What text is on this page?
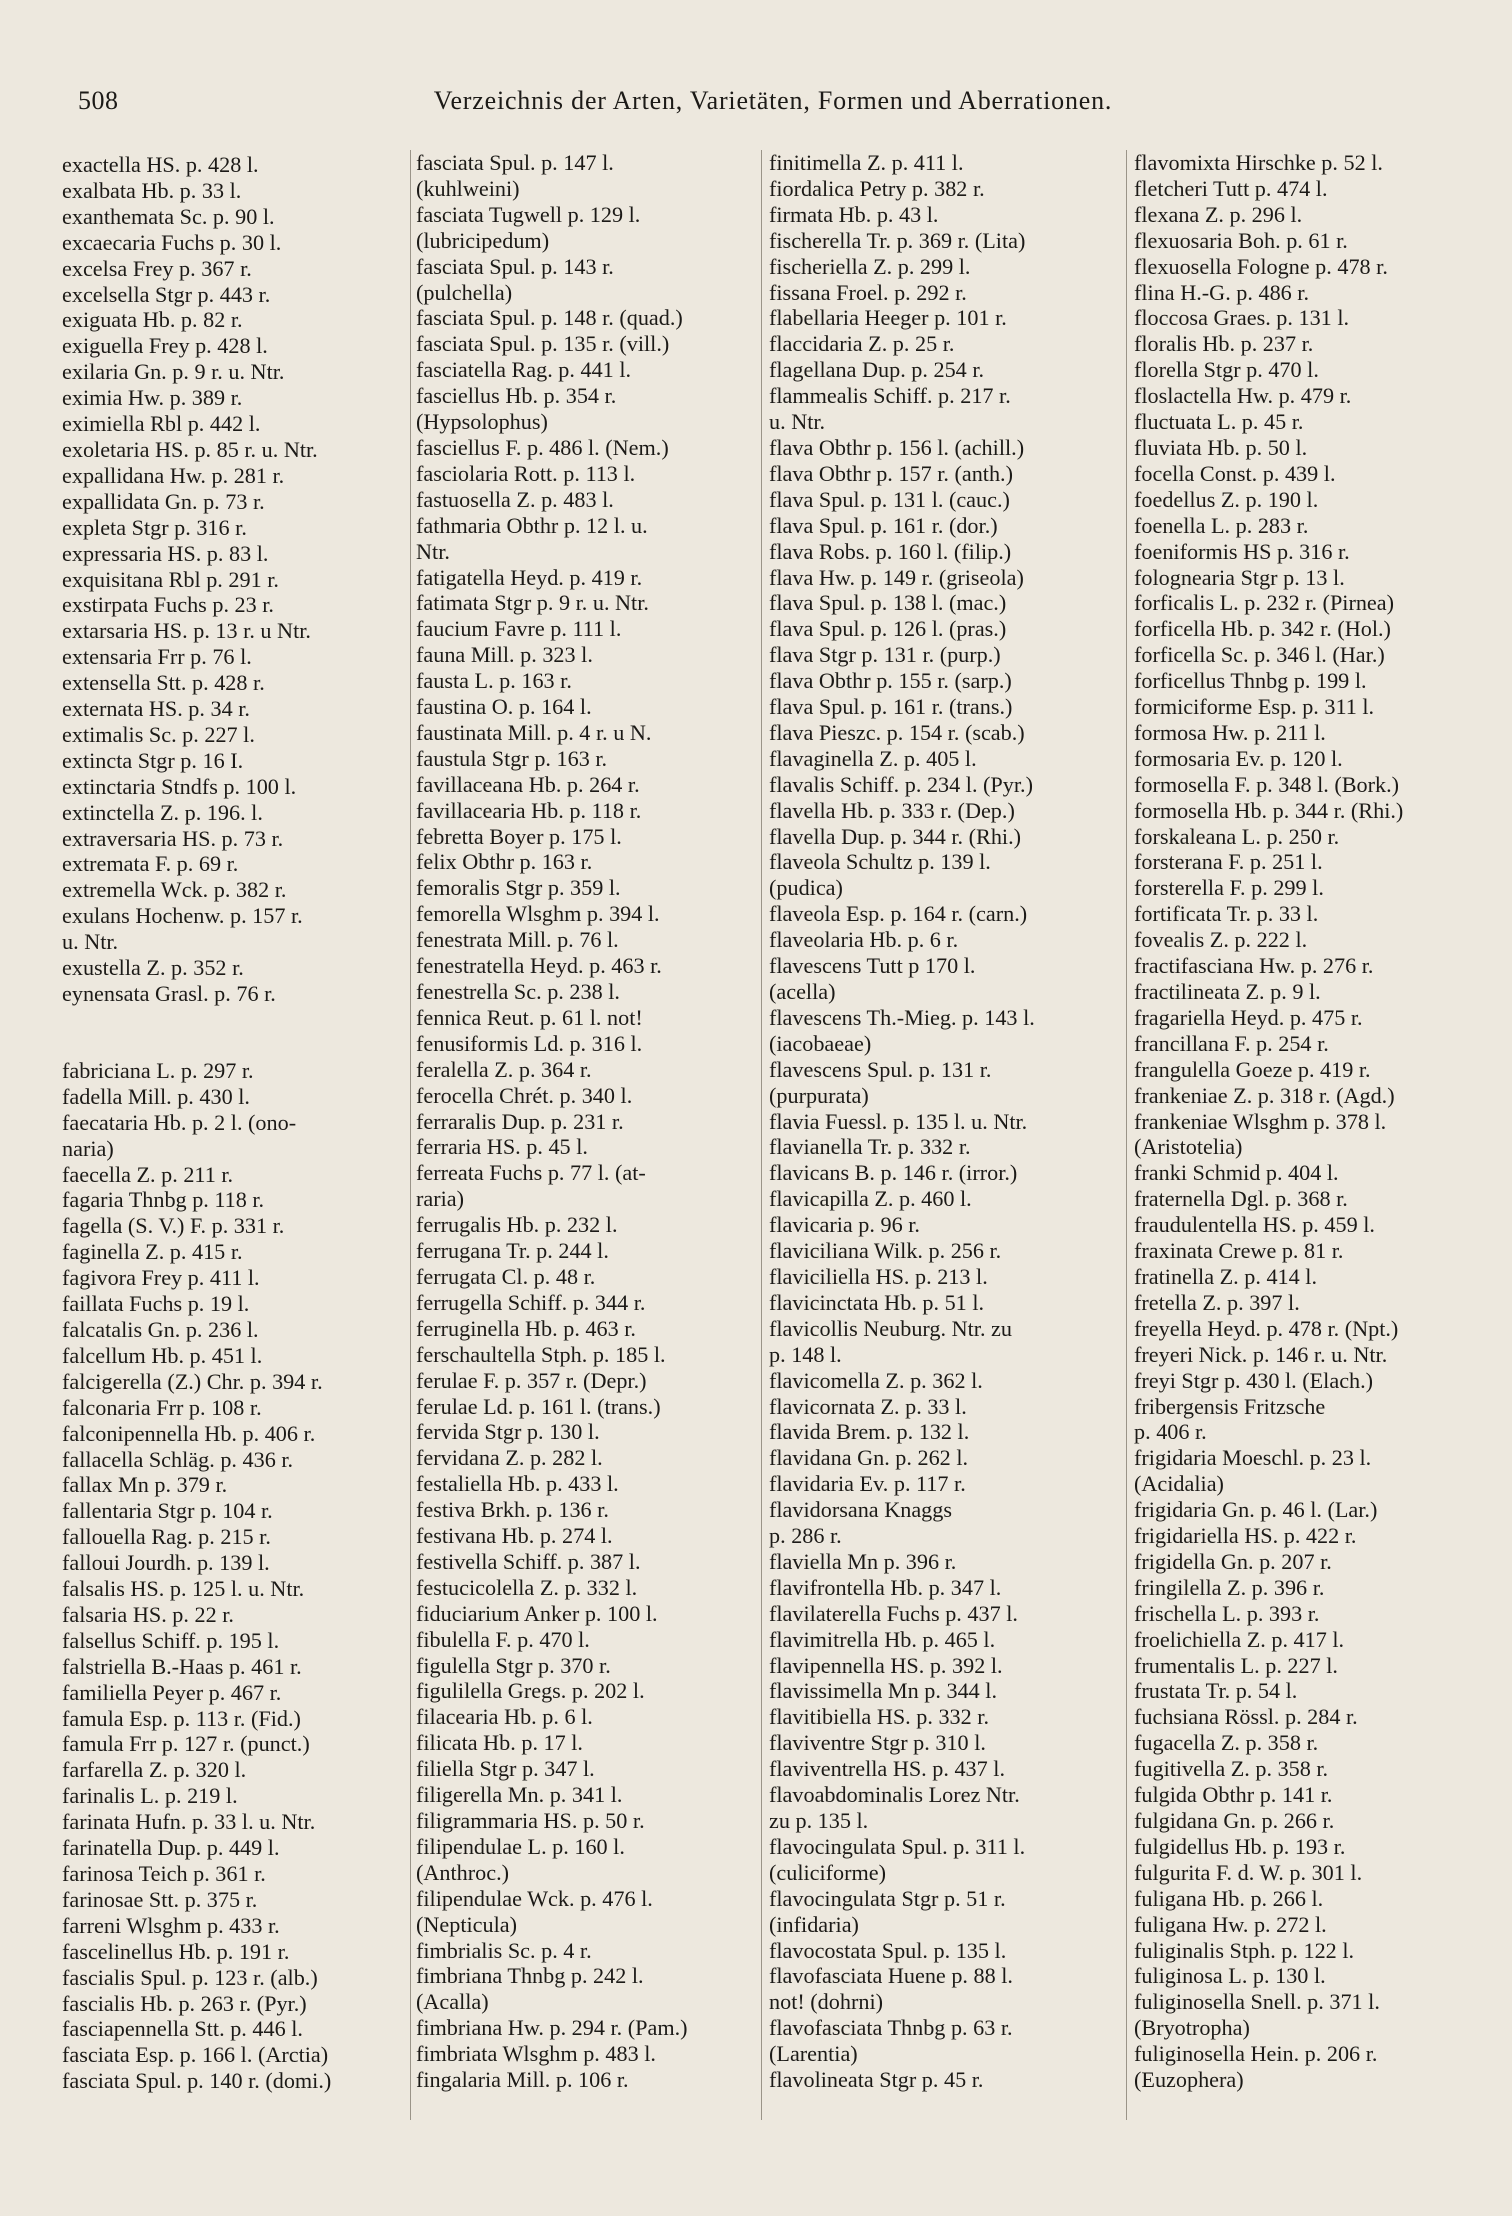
508	Verzeichnis der Arten, Varietäten, Formen und Aberrationen.
exactella HS. p. 428 l.
exalbata Hb. p. 33 l.
exanthemata Sc. p. 90 l.
excaecaria Fuchs p. 30 l.
excelsa Frey p. 367 r.
excelsella Stgr p. 443 r.
exiguata Hb. p. 82 r.
exiguella Frey p. 428 l.
exilaria Gn. p. 9 r. u. Ntr.
eximia Hw. p. 389 r.
eximiella Rbl p. 442 l.
exoletaria HS. p. 85 r. u. Ntr.
expallidana Hw. p. 281 r.
expallidata Gn. p. 73 r.
expleta Stgr p. 316 r.
expressaria HS. p. 83 l.
exquisitana Rbl p. 291 r.
exstirpata Fuchs p. 23 r.
extarsaria HS. p. 13 r. u Ntr.
extensaria Frr p. 76 l.
extensella Stt. p. 428 r.
externata HS. p. 34 r.
extimalis Sc. p. 227 l.
extincta Stgr p. 16 I.
extinctaria Stndfs p. 100 l.
extinctella Z. p. 196. l.
extraversaria HS. p. 73 r.
extremata F. p. 69 r.
extremella Wck. p. 382 r.
exulans Hochenw. p. 157 r.
u. Ntr.
exustella Z. p. 352 r.
eynensata Grasl. p. 76 r.
fabriciana L. p. 297 r.
fadella Mill. p. 430 l.
faecataria Hb. p. 2 l. (ono-
naria)
faecella Z. p. 211 r.
fagaria Thnbg p. 118 r.
fagella (S. V.) F. p. 331 r.
faginella Z. p. 415 r.
fagivora Frey p. 411 l.
faillata Fuchs p. 19 l.
falcatalis Gn. p. 236 l.
falcellum Hb. p. 451 l.
falcigerella (Z.) Chr. p. 394 r.
falconaria Frr p. 108 r.
falconipennella Hb. p. 406 r.
fallacella Schläg. p. 436 r.
fallax Mn p. 379 r.
fallentaria Stgr p. 104 r.
fallouella Rag. p. 215 r.
falloui Jourdh. p. 139 l.
falsalis HS. p. 125 l. u. Ntr.
falsaria HS. p. 22 r.
falsellus Schiff. p. 195 l.
falstriella B.-Haas p. 461 r.
familiella Peyer p. 467 r.
famula Esp. p. 113 r. (Fid.)
famula Frr p. 127 r. (punct.)
farfarella Z. p. 320 l.
farinalis L. p. 219 l.
farinata Hufn. p. 33 l. u. Ntr.
farinatella Dup. p. 449 l.
farinosa Teich p. 361 r.
farinosae Stt. p. 375 r.
farreni Wlsghm p. 433 r.
fascelinellus Hb. p. 191 r.
fascialis Spul. p. 123 r. (alb.)
fascialis Hb. p. 263 r. (Pyr.)
fasciapennella Stt. p. 446 l.
fasciata Esp. p. 166 l. (Arctia)
fasciata Spul. p. 140 r. (domi.)
fasciata Spul. p. 147 l.
(kuhlweini)
fasciata Tugwell p. 129 l.
(lubricipedum)
fasciata Spul. p. 143 r.
(pulchella)
fasciata Spul. p. 148 r. (quad.)
fasciata Spul. p. 135 r. (vill.)
fasciatella Rag. p. 441 l.
fasciellus Hb. p. 354 r.
(Hypsolophus)
fasciellus F. p. 486 l. (Nem.)
fasciolaria Rott. p. 113 l.
fastuosella Z. p. 483 l.
fathmaria Obthr p. 12 l. u.
Ntr.
fatigatella Heyd. p. 419 r.
fatimata Stgr p. 9 r. u. Ntr.
faucium Favre p. 111 l.
fauna Mill. p. 323 l.
fausta L. p. 163 r.
faustina O. p. 164 l.
faustinata Mill. p. 4 r. u N.
faustula Stgr p. 163 r.
favillaceana Hb. p. 264 r.
favillacearia Hb. p. 118 r.
febretta Boyer p. 175 l.
felix Obthr p. 163 r.
femoralis Stgr p. 359 l.
femorella Wlsghm p. 394 l.
fenestrata Mill. p. 76 l.
fenestratella Heyd. p. 463 r.
fenestrella Sc. p. 238 l.
fennica Reut. p. 61 l. not!
fenusiformis Ld. p. 316 l.
feralella Z. p. 364 r.
ferocella Chrét. p. 340 l.
ferraralis Dup. p. 231 r.
ferraria HS. p. 45 l.
ferreata Fuchs p. 77 l. (at-
raria)
ferrugalis Hb. p. 232 l.
ferrugana Tr. p. 244 l.
ferrugata Cl. p. 48 r.
ferrugella Schiff. p. 344 r.
ferruginella Hb. p. 463 r.
ferschaultella Stph. p. 185 l.
ferulae F. p. 357 r. (Depr.)
ferulae Ld. p. 161 l. (trans.)
fervida Stgr p. 130 l.
fervidana Z. p. 282 l.
festaliella Hb. p. 433 l.
festiva Brkh. p. 136 r.
festivana Hb. p. 274 l.
festivella Schiff. p. 387 l.
festucicolella Z. p. 332 l.
fiduciarium Anker p. 100 l.
fibulella F. p. 470 l.
figulella Stgr p. 370 r.
figulilella Gregs. p. 202 l.
filacearia Hb. p. 6 l.
filicata Hb. p. 17 l.
filiella Stgr p. 347 l.
filigerella Mn. p. 341 l.
filigrammaria HS. p. 50 r.
filipendulae L. p. 160 l.
(Anthroc.)
filipendulae Wck. p. 476 l.
(Nepticula)
fimbrialis Sc. p. 4 r.
fimbriana Thnbg p. 242 l.
(Acalla)
fimbriana Hw. p. 294 r. (Pam.)
fimbriata Wlsghm p. 483 l.
fingalaria Mill. p. 106 r.
finitimella Z. p. 411 l.
fiordalica Petry p. 382 r.
firmata Hb. p. 43 l.
fischerella Tr. p. 369 r. (Lita)
fischeriella Z. p. 299 l.
fissana Froel. p. 292 r.
flabellaria Heeger p. 101 r.
flaccidaria Z. p. 25 r.
flagellana Dup. p. 254 r.
flammealis Schiff. p. 217 r.
u. Ntr.
flava Obthr p. 156 l. (achill.)
flava Obthr p. 157 r. (anth.)
flava Spul. p. 131 l. (cauc.)
flava Spul. p. 161 r. (dor.)
flava Robs. p. 160 l. (filip.)
flava Hw. p. 149 r. (griseola)
flava Spul. p. 138 l. (mac.)
flava Spul. p. 126 l. (pras.)
flava Stgr p. 131 r. (purp.)
flava Obthr p. 155 r. (sarp.)
flava Spul. p. 161 r. (trans.)
flava Pieszc. p. 154 r. (scab.)
flavaginella Z. p. 405 l.
flavalis Schiff. p. 234 l. (Pyr.)
flavella Hb. p. 333 r. (Dep.)
flavella Dup. p. 344 r. (Rhi.)
flaveola Schultz p. 139 l.
(pudica)
flaveola Esp. p. 164 r. (carn.)
flaveolaria Hb. p. 6 r.
flavescens Tutt p 170 l.
(acella)
flavescens Th.-Mieg. p. 143 l.
(iacobaeae)
flavescens Spul. p. 131 r.
(purpurata)
flavia Fuessl. p. 135 l. u. Ntr.
flavianella Tr. p. 332 r.
flavicans B. p. 146 r. (irror.)
flavicapilla Z. p. 460 l.
flavicaria p. 96 r.
flaviciliana Wilk. p. 256 r.
flaviciliella HS. p. 213 l.
flavicinctata Hb. p. 51 l.
flavicollis Neuburg. Ntr. zu
p. 148 l.
flavicomella Z. p. 362 l.
flavicornata Z. p. 33 l.
flavida Brem. p. 132 l.
flavidana Gn. p. 262 l.
flavidaria Ev. p. 117 r.
flavidorsana Knaggs
p. 286 r.
flaviella Mn p. 396 r.
flavifrontella Hb. p. 347 l.
flavilaterella Fuchs p. 437 l.
flavimitrella Hb. p. 465 l.
flavipennella HS. p. 392 l.
flavissimella Mn p. 344 l.
flavitibiella HS. p. 332 r.
flaviventre Stgr p. 310 l.
flaviventrella HS. p. 437 l.
flavoabdominalis Lorez Ntr.
zu p. 135 l.
flavocingulata Spul. p. 311 l.
(culiciforme)
flavocingulata Stgr p. 51 r.
(infidaria)
flavocostata Spul. p. 135 l.
flavofasciata Huene p. 88 l.
not! (dohrni)
flavofasciata Thnbg p. 63 r.
(Larentia)
flavolineata Stgr p. 45 r.
flavomixta Hirschke p. 52 l.
fletcheri Tutt p. 474 l.
flexana Z. p. 296 l.
flexuosaria Boh. p. 61 r.
flexuosella Fologne p. 478 r.
flina H.-G. p. 486 r.
floccosa Graes. p. 131 l.
floralis Hb. p. 237 r.
florella Stgr p. 470 l.
floslactella Hw. p. 479 r.
fluctuata L. p. 45 r.
fluviata Hb. p. 50 l.
focella Const. p. 439 l.
foedellus Z. p. 190 l.
foenella L. p. 283 r.
foeniformis HS p. 316 r.
folognearia Stgr p. 13 l.
forficalis L. p. 232 r. (Pirnea)
forficella Hb. p. 342 r. (Hol.)
forficella Sc. p. 346 l. (Har.)
forficellus Thnbg p. 199 l.
formiciforme Esp. p. 311 l.
formosa Hw. p. 211 l.
formosaria Ev. p. 120 l.
formosella F. p. 348 l. (Bork.)
formosella Hb. p. 344 r. (Rhi.)
forskaleana L. p. 250 r.
forsterana F. p. 251 l.
forsterella F. p. 299 l.
fortificata Tr. p. 33 l.
fovealis Z. p. 222 l.
fractifasciana Hw. p. 276 r.
fractilineata Z. p. 9 l.
fragariella Heyd. p. 475 r.
francillana F. p. 254 r.
frangulella Goeze p. 419 r.
frankeniae Z. p. 318 r. (Agd.)
frankeniae Wlsghm p. 378 l.
(Aristotelia)
franki Schmid p. 404 l.
fraternella Dgl. p. 368 r.
fraudulentella HS. p. 459 l.
fraxinata Crewe p. 81 r.
fratinella Z. p. 414 l.
fretella Z. p. 397 l.
freyella Heyd. p. 478 r. (Npt.)
freyeri Nick. p. 146 r. u. Ntr.
freyi Stgr p. 430 l. (Elach.)
fribergensis Fritzsche
p. 406 r.
frigidaria Moeschl. p. 23 l.
(Acidalia)
frigidaria Gn. p. 46 l. (Lar.)
frigidariella HS. p. 422 r.
frigidella Gn. p. 207 r.
fringilella Z. p. 396 r.
frischella L. p. 393 r.
froelichiella Z. p. 417 l.
frumentalis L. p. 227 l.
frustata Tr. p. 54 l.
fuchsiana Rössl. p. 284 r.
fugacella Z. p. 358 r.
fugitivella Z. p. 358 r.
fulgida Obthr p. 141 r.
fulgidana Gn. p. 266 r.
fulgidellus Hb. p. 193 r.
fulgurita F. d. W. p. 301 l.
fuligana Hb. p. 266 l.
fuligana Hw. p. 272 l.
fuliginalis Stph. p. 122 l.
fuliginosa L. p. 130 l.
fuliginosella Snell. p. 371 l.
(Bryotropha)
fuliginosella Hein. p. 206 r.
(Euzophera)
